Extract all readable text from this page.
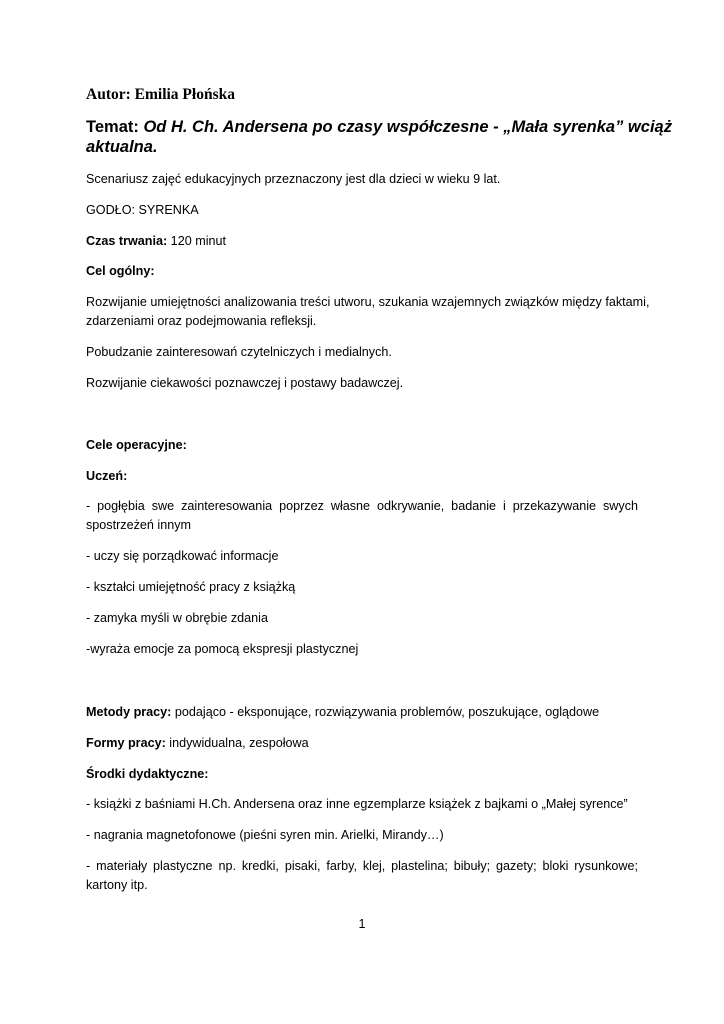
Autor: Emilia Płońska
Temat: Od H. Ch. Andersena po czasy współczesne - „Mała syrenka” wciąż
aktualna.
Scenariusz zajęć edukacyjnych przeznaczony jest dla dzieci w wieku 9 lat.
GODŁO: SYRENKA
Czas trwania: 120 minut
Cel ogólny:
Rozwijanie umiejętności analizowania treści utworu, szukania wzajemnych związków między faktami,
zdarzeniami oraz podejmowania refleksji.
Pobudzanie zainteresowań czytelniczych i medialnych.
Rozwijanie ciekawości poznawczej i postawy badawczej.
Cele operacyjne:
Uczeń:
- pogłębia swe zainteresowania poprzez własne odkrywanie, badanie i przekazywanie swych
spostrzeżeń innym
- uczy się porządkować informacje
- kształci umiejętność pracy z książką
- zamyka myśli w obrębie zdania
-wyraża emocje za pomocą ekspresji plastycznej
Metody pracy: podająco - eksponujące, rozwiązywania problemów, poszukujące, oglądowe
Formy pracy: indywidualna, zespołowa
Środki dydaktyczne:
- książki z baśniami H.Ch. Andersena oraz inne egzemplarze książek z bajkami o „Małej syrence”
- nagrania magnetofonowe (pieśni syren min. Arielki, Mirandy…)
- materiały plastyczne np. kredki, pisaki, farby, klej, plastelina; bibuły; gazety; bloki rysunkowe;
kartony itp.
1
